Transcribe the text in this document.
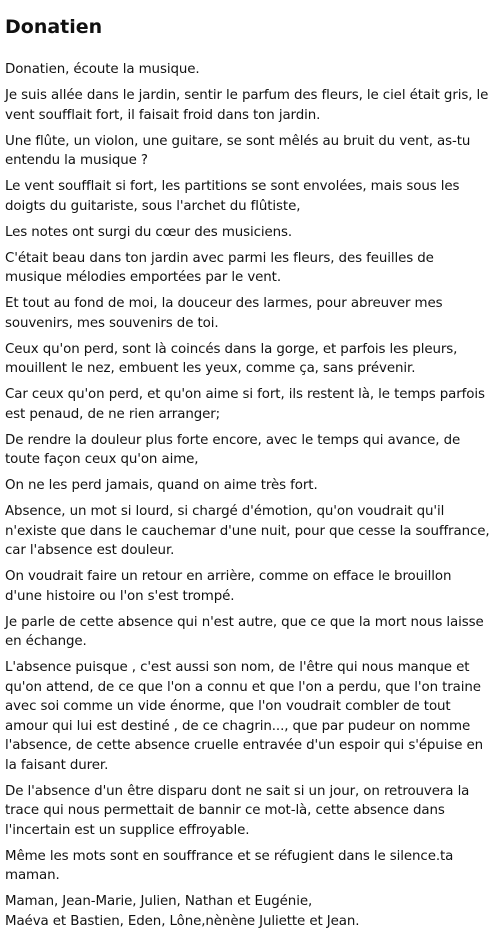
Donatien

Donatien, écoute la musique.

Je suis allée dans le jardin, sentir le parfum des fleurs, le ciel était gris, le vent soufflait fort, il faisait froid dans ton jardin.

Une flûte, un violon, une guitare, se sont mêlés au bruit du vent, as-tu entendu la musique ?

Le vent soufflait si fort, les partitions se sont envolées, mais sous les doigts du guitariste, sous l'archet du flûtiste,

Les notes ont surgi du cœur des musiciens.

C'était beau dans ton jardin avec parmi les fleurs, des feuilles de musique mélodies emportées par le vent.

Et tout au fond de moi, la douceur des larmes, pour abreuver mes souvenirs, mes souvenirs de toi.

Ceux qu'on perd, sont là coincés dans la gorge, et parfois les pleurs, mouillent le nez, embuent les yeux, comme ça, sans prévenir.

Car ceux qu'on perd, et qu'on aime si fort, ils restent là, le temps parfois est penaud, de ne rien arranger;

De rendre la douleur plus forte encore, avec le temps qui avance, de toute façon ceux qu'on aime,

On ne les perd jamais, quand on aime très fort.

Absence, un mot si lourd, si chargé d'émotion, qu'on voudrait qu'il n'existe que dans le cauchemar d'une nuit, pour que cesse la souffrance, car l'absence est douleur.

On voudrait faire un retour en arrière, comme on efface le brouillon d'une histoire ou l'on s'est trompé.

Je parle de cette absence qui n'est autre, que ce que la mort nous laisse en échange.

L'absence puisque , c'est aussi son nom, de l'être qui nous manque et qu'on attend, de ce que l'on a connu et que l'on a perdu, que l'on traine avec soi comme un vide énorme, que l'on voudrait combler de tout amour qui lui est destiné , de ce chagrin..., que par pudeur on nomme l'absence, de cette absence cruelle entravée d'un espoir qui s'épuise en la faisant durer.

De l'absence d'un être disparu dont ne sait si un jour, on retrouvera la trace qui nous permettait de bannir ce mot-là, cette absence dans l'incertain est un supplice effroyable.

Même les mots sont en souffrance et se réfugient dans le silence.ta maman.

Maman, Jean-Marie, Julien, Nathan et Eugénie,
Maéva et Bastien, Eden, Lône,nènène Juliette et Jean.
